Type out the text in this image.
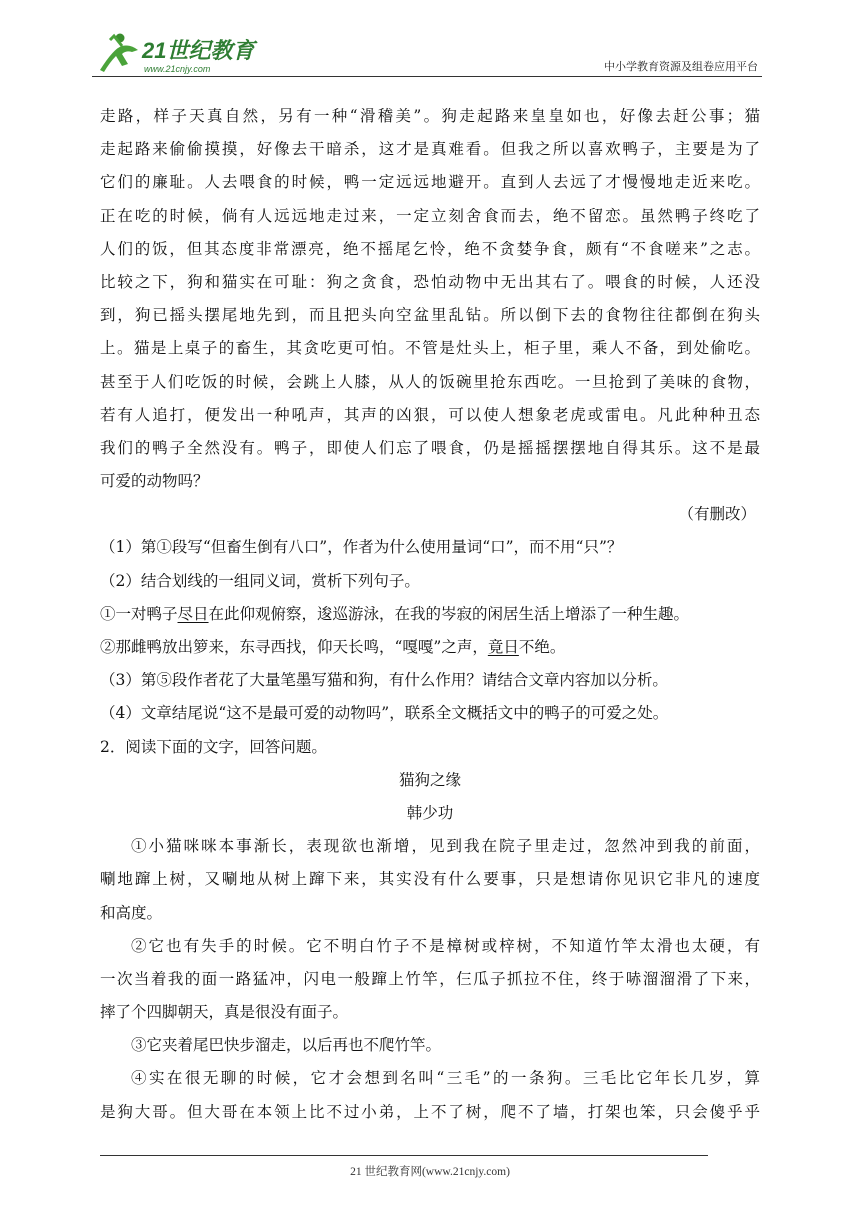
21世纪教育
www.21cnjy.com	中小学教育资源及组卷应用平台
走路，样子天真自然，另有一种“滑稽美”。狗走起路来皇皇如也，好像去赶公事；猫
走起路来偷偷摸摸，好像去干暗杀，这才是真难看。但我之所以喜欢鸭子，主要是为了
它们的廉耻。人去喂食的时候，鸭一定远远地避开。直到人去远了才慢慢地走近来吃。
正在吃的时候，倘有人远远地走过来，一定立刻舍食而去，绝不留恋。虽然鸭子终吃了
人们的饭，但其态度非常漂亮，绝不摇尾乞怜，绝不贪婪争食，颇有“不食嗟来”之志。
比较之下，狗和猫实在可耻：狗之贪食，恐怕动物中无出其右了。喂食的时候，人还没
到，狗已摇头摆尾地先到，而且把头向空盆里乱钻。所以倒下去的食物往往都倒在狗头
上。猫是上桌子的畜生，其贪吃更可怕。不管是灶头上，柜子里，乘人不备，到处偷吃。
甚至于人们吃饭的时候，会跳上人膝，从人的饭碗里抢东西吃。一旦抢到了美味的食物，
若有人追打，便发出一种吼声，其声的凶狠，可以使人想象老虎或雷电。凡此种种丑态
我们的鸭子全然没有。鸭子，即使人们忘了喂食，仍是摇摇摆摆地自得其乐。这不是最
可爱的动物吗？
（有删改）
（1）第①段写“但畜生倒有八口”，作者为什么使用量词“口”，而不用“只”？
（2）结合划线的一组同义词，赏析下列句子。
①一对鸭子尽日在此仰观俯察，逡巡游泳，在我的岑寂的闲居生活上增添了一种生趣。
②那雌鸭放出箩来，东寻西找，仰天长鸣，“嘎嘎”之声，竟日不绝。
（3）第⑤段作者花了大量笔墨写猫和狗，有什么作用？请结合文章内容加以分析。
（4）文章结尾说“这不是最可爱的动物吗”，联系全文概括文中的鸭子的可爱之处。
2．阅读下面的文字，回答问题。
猫狗之缘
韩少功
①小猫咪咪本事渐长，表现欲也渐增，见到我在院子里走过，忽然冲到我的前面，
唰地蹿上树，又唰地从树上蹿下来，其实没有什么要事，只是想请你见识它非凡的速度
和高度。
②它也有失手的时候。它不明白竹子不是樟树或梓树，不知道竹竿太滑也太硬，有
一次当着我的面一路猛冲，闪电一般蹿上竹竿，仨瓜子抓拉不住，终于哧溜溜滑了下来，
摔了个四脚朝天，真是很没有面子。
③它夹着尾巴快步溜走，以后再也不爬竹竿。
④实在很无聊的时候，它才会想到名叫“三毛”的一条狗。三毛比它年长几岁，算
是狗大哥。但大哥在本领上比不过小弟，上不了树，爬不了墙，打架也笨，只会傻乎乎
21 世纪教育网(www.21cnjy.com)
